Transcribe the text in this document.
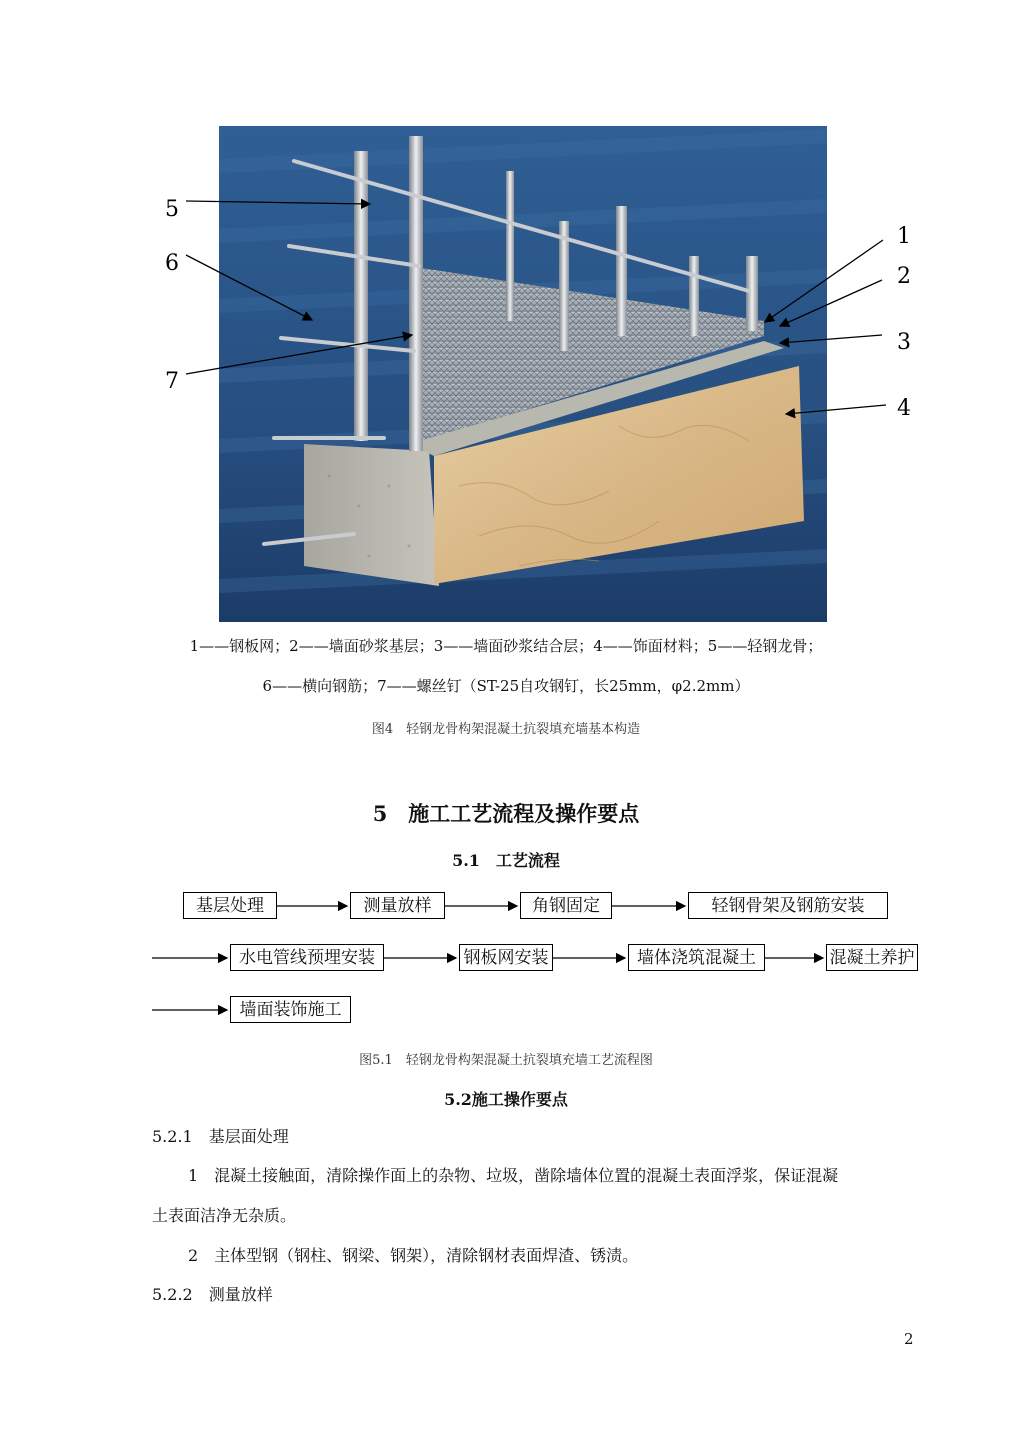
5
6
7
1
2
3
4
1——钢板网；2——墙面砂浆基层；3——墙面砂浆结合层；4——饰面材料；5——轻钢龙骨；
6——横向钢筋；7——螺丝钉（ST-25自攻钢钉，长25mm，φ2.2mm）
图4　轻钢龙骨构架混凝土抗裂填充墙基本构造
5　施工工艺流程及操作要点
5.1　工艺流程
基层处理	测量放样	角钢固定	轻钢骨架及钢筋安装
水电管线预埋安装	钢板网安装	墙体浇筑混凝土	混凝土养护
墙面装饰施工
图5.1　轻钢龙骨构架混凝土抗裂填充墙工艺流程图
5.2施工操作要点
5.2.1　基层面处理
1　混凝土接触面，清除操作面上的杂物、垃圾，凿除墙体位置的混凝土表面浮浆，保证混凝
土表面洁净无杂质。
2　主体型钢（钢柱、钢梁、钢架），清除钢材表面焊渣、锈渍。
5.2.2　测量放样
2
